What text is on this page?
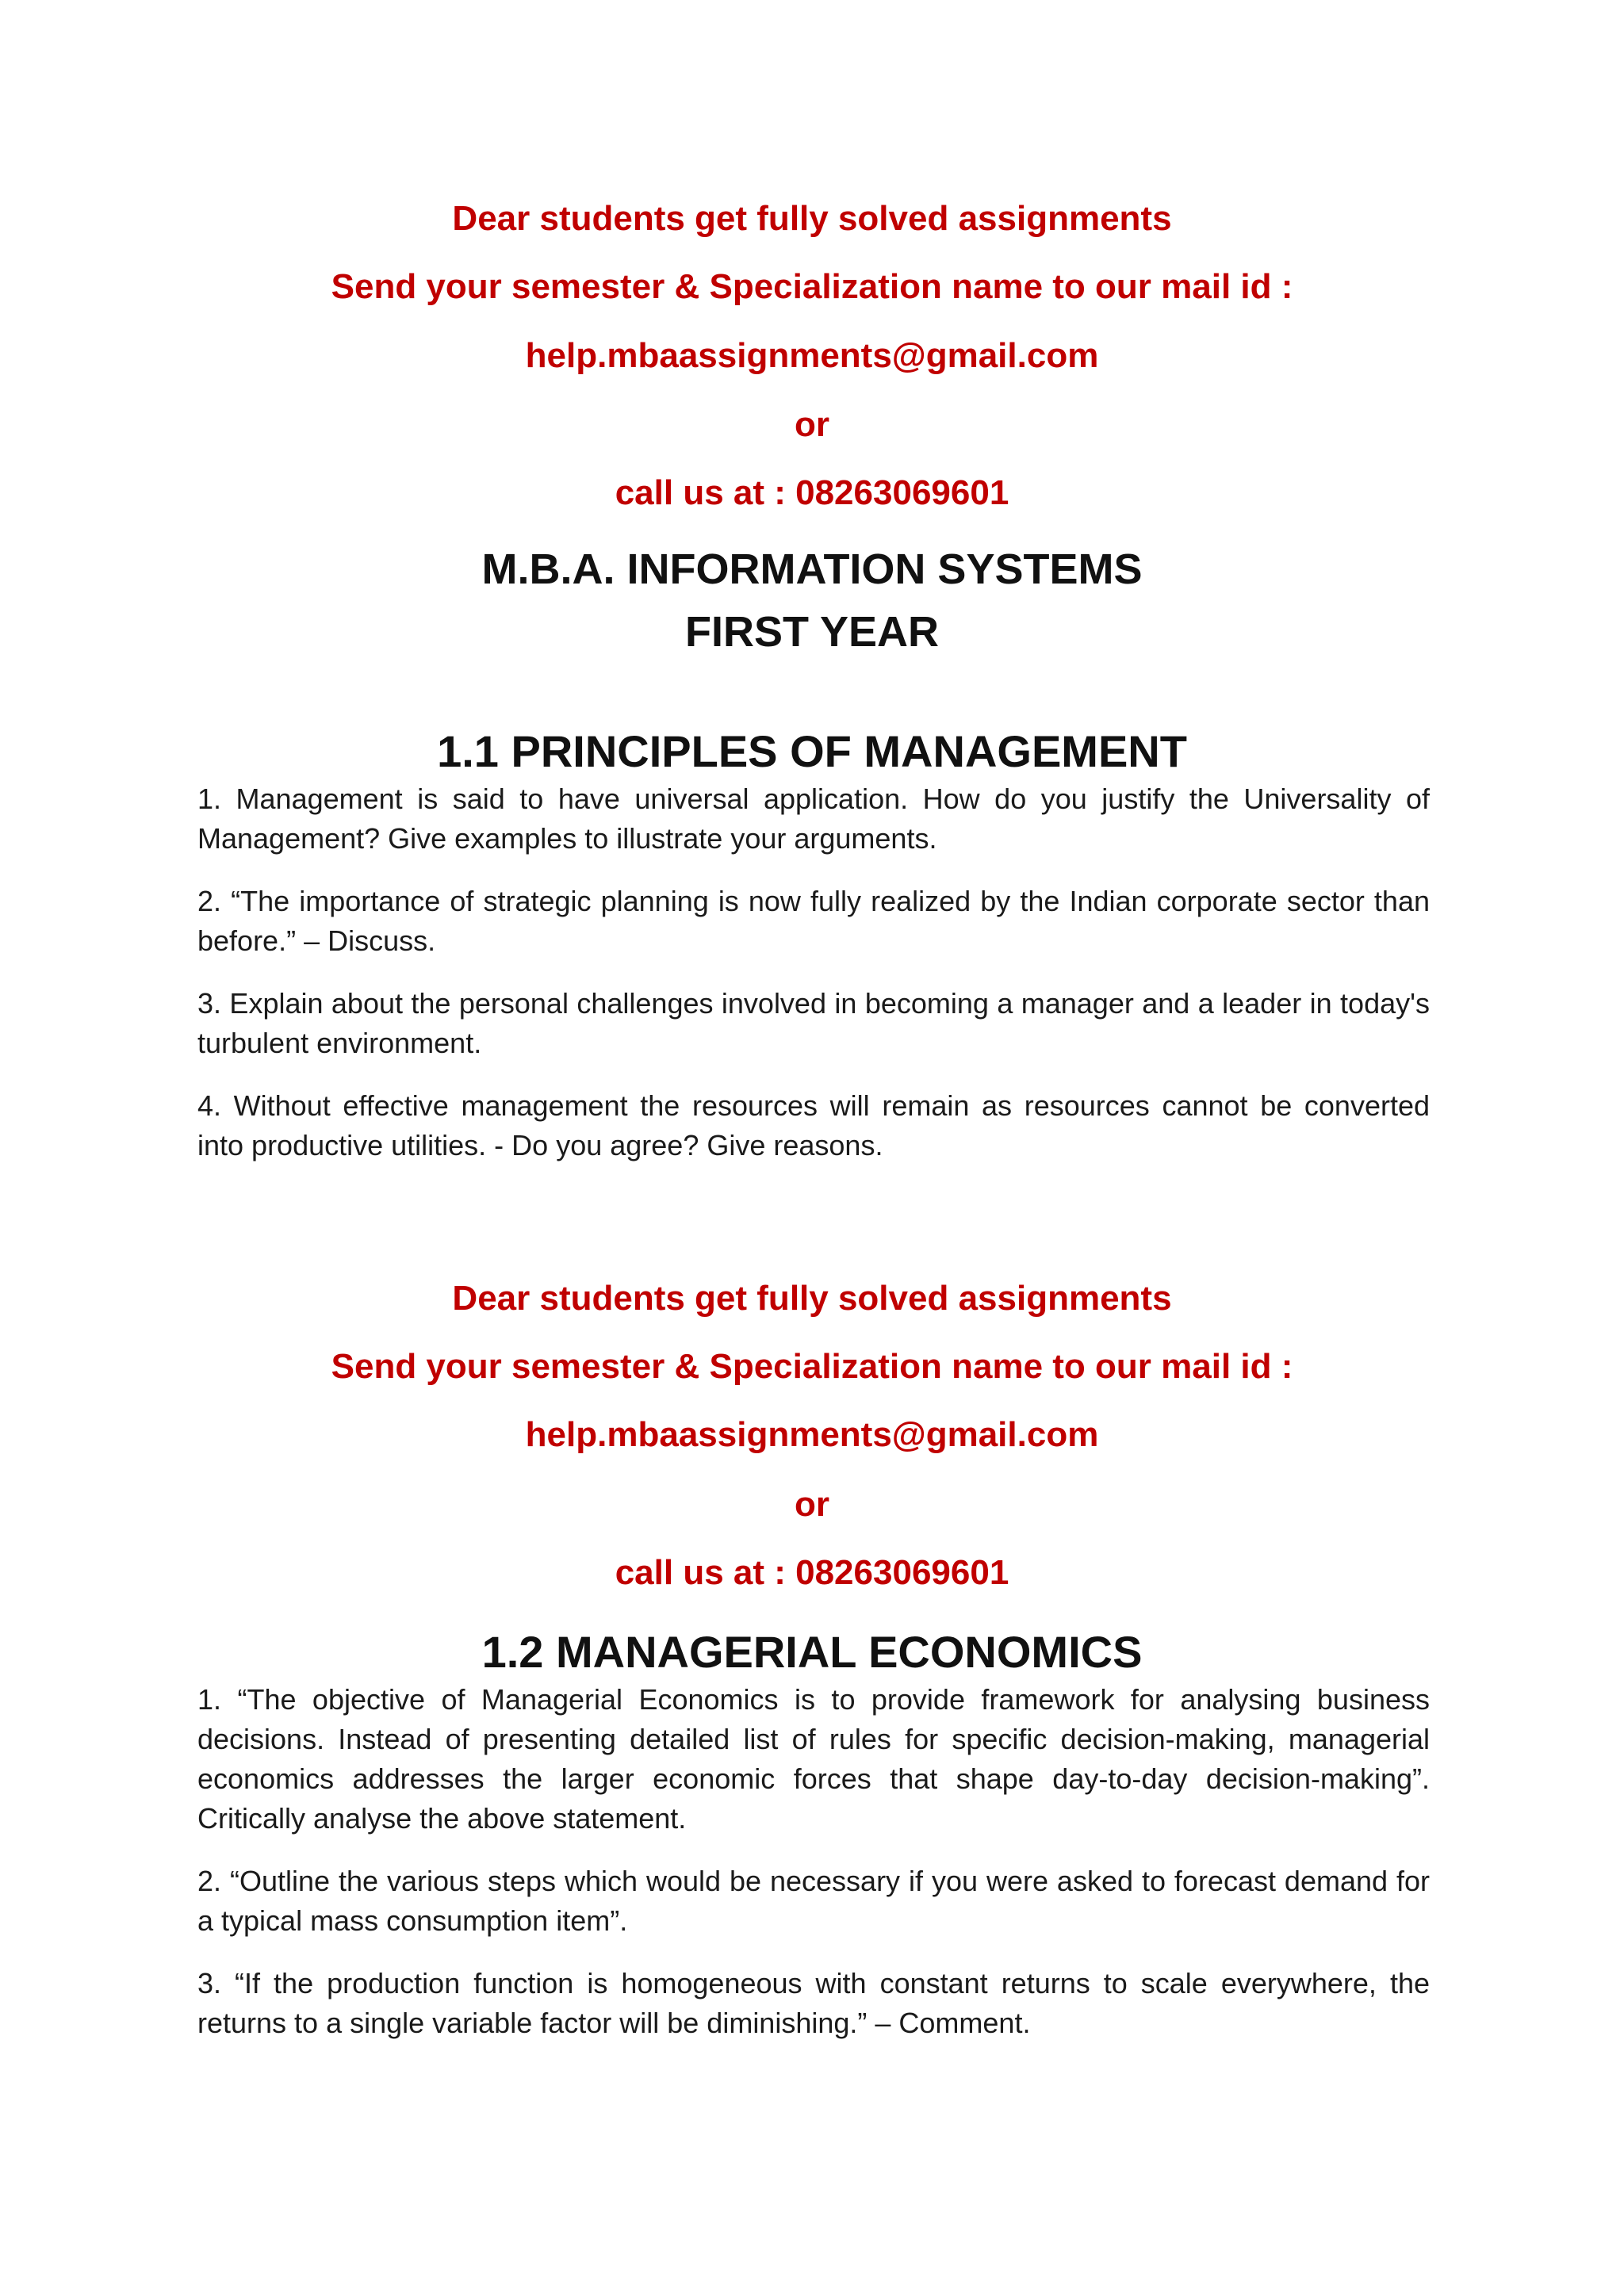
Dear students get fully solved assignments

Send your semester & Specialization name to our mail id :

help.mbaassignments@gmail.com

or

call us at : 08263069601

M.B.A. INFORMATION SYSTEMS

FIRST YEAR

1.1 PRINCIPLES OF MANAGEMENT

1. Management is said to have universal application. How do you justify the Universality of Management? Give examples to illustrate your arguments.

2. “The importance of strategic planning is now fully realized by the Indian corporate sector than before.” – Discuss.

3. Explain about the personal challenges involved in becoming a manager and a leader in today's turbulent environment.

4. Without effective management the resources will remain as resources cannot be converted into productive utilities. - Do you agree? Give reasons.

Dear students get fully solved assignments

Send your semester & Specialization name to our mail id :

help.mbaassignments@gmail.com

or

call us at : 08263069601

1.2 MANAGERIAL ECONOMICS

1. “The objective of Managerial Economics is to provide framework for analysing business decisions. Instead of presenting detailed list of rules for specific decision-making, managerial economics addresses the larger economic forces that shape day-to-day decision-making”. Critically analyse the above statement.

2. “Outline the various steps which would be necessary if you were asked to forecast demand for a typical mass consumption item”.

3. “If the production function is homogeneous with constant returns to scale everywhere, the returns to a single variable factor will be diminishing.” – Comment.
